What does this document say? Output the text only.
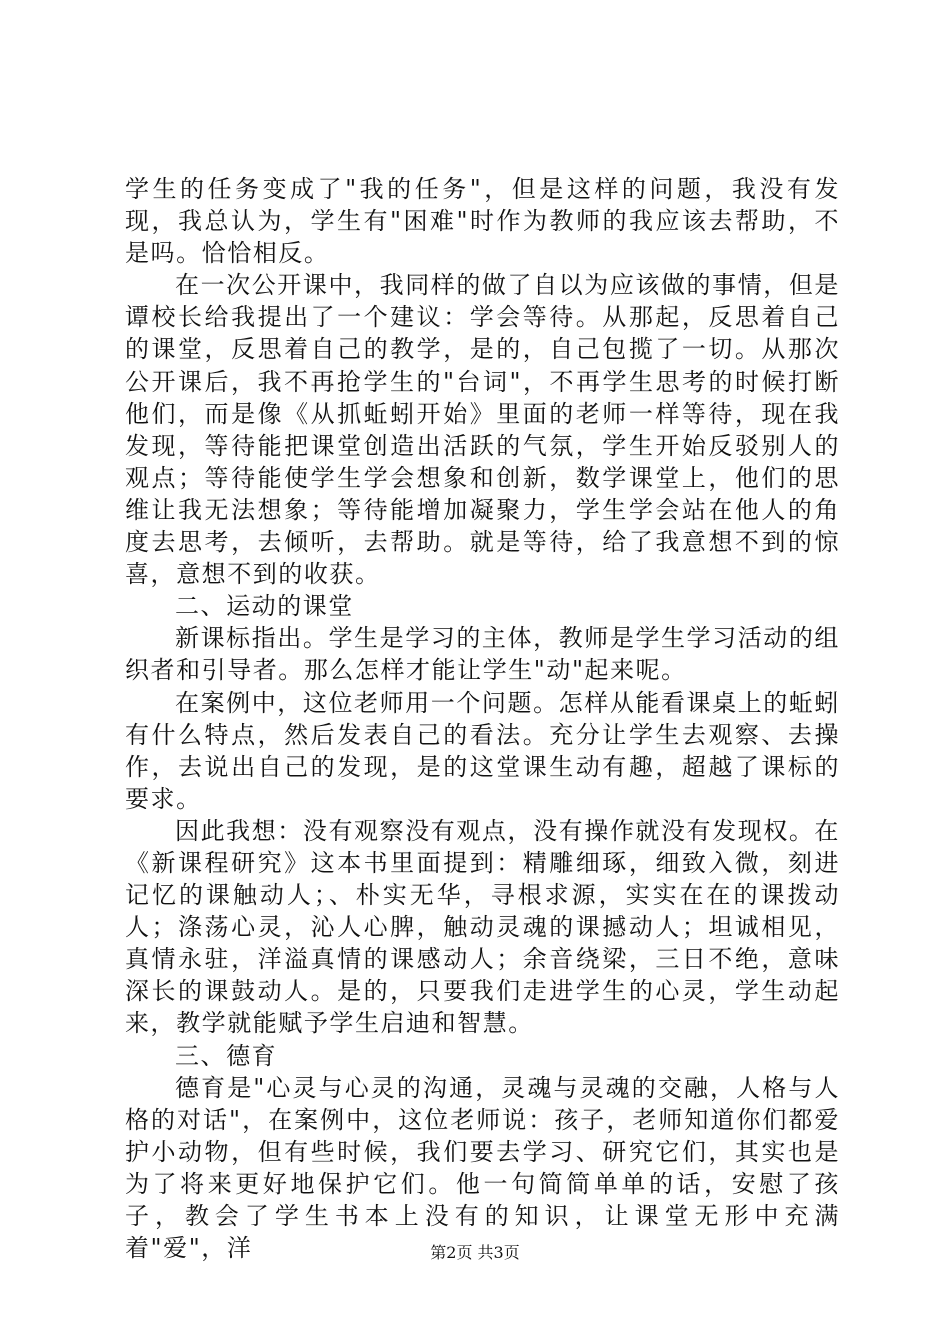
学生的任务变成了"我的任务"，但是这样的问题，我没有发现，我总认为，学生有"困难"时作为教师的我应该去帮助，不是吗。恰恰相反。

在一次公开课中，我同样的做了自以为应该做的事情，但是谭校长给我提出了一个建议：学会等待。从那起，反思着自己的课堂，反思着自己的教学，是的，自己包揽了一切。从那次公开课后，我不再抢学生的"台词"，不再学生思考的时候打断他们，而是像《从抓蚯蚓开始》里面的老师一样等待，现在我发现，等待能把课堂创造出活跃的气氛，学生开始反驳别人的观点；等待能使学生学会想象和创新，数学课堂上，他们的思维让我无法想象；等待能增加凝聚力，学生学会站在他人的角度去思考，去倾听，去帮助。就是等待，给了我意想不到的惊喜，意想不到的收获。

二、运动的课堂

新课标指出。学生是学习的主体，教师是学生学习活动的组织者和引导者。那么怎样才能让学生"动"起来呢。

在案例中，这位老师用一个问题。怎样从能看课桌上的蚯蚓有什么特点，然后发表自己的看法。充分让学生去观察、去操作，去说出自己的发现，是的这堂课生动有趣，超越了课标的要求。

因此我想：没有观察没有观点，没有操作就没有发现权。在《新课程研究》这本书里面提到：精雕细琢，细致入微，刻进记忆的课触动人；、朴实无华，寻根求源，实实在在的课拨动人；涤荡心灵，沁人心脾，触动灵魂的课撼动人；坦诚相见，真情永驻，洋溢真情的课感动人；余音绕梁，三日不绝，意味深长的课鼓动人。是的，只要我们走进学生的心灵，学生动起来，教学就能赋予学生启迪和智慧。

三、德育

德育是"心灵与心灵的沟通，灵魂与灵魂的交融，人格与人格的对话"，在案例中，这位老师说：孩子，老师知道你们都爱护小动物，但有些时候，我们要去学习、研究它们，其实也是为了将来更好地保护它们。他一句简简单单的话，安慰了孩子，教会了学生书本上没有的知识，让课堂无形中充满着"爱"，洋	第2页 共3页
